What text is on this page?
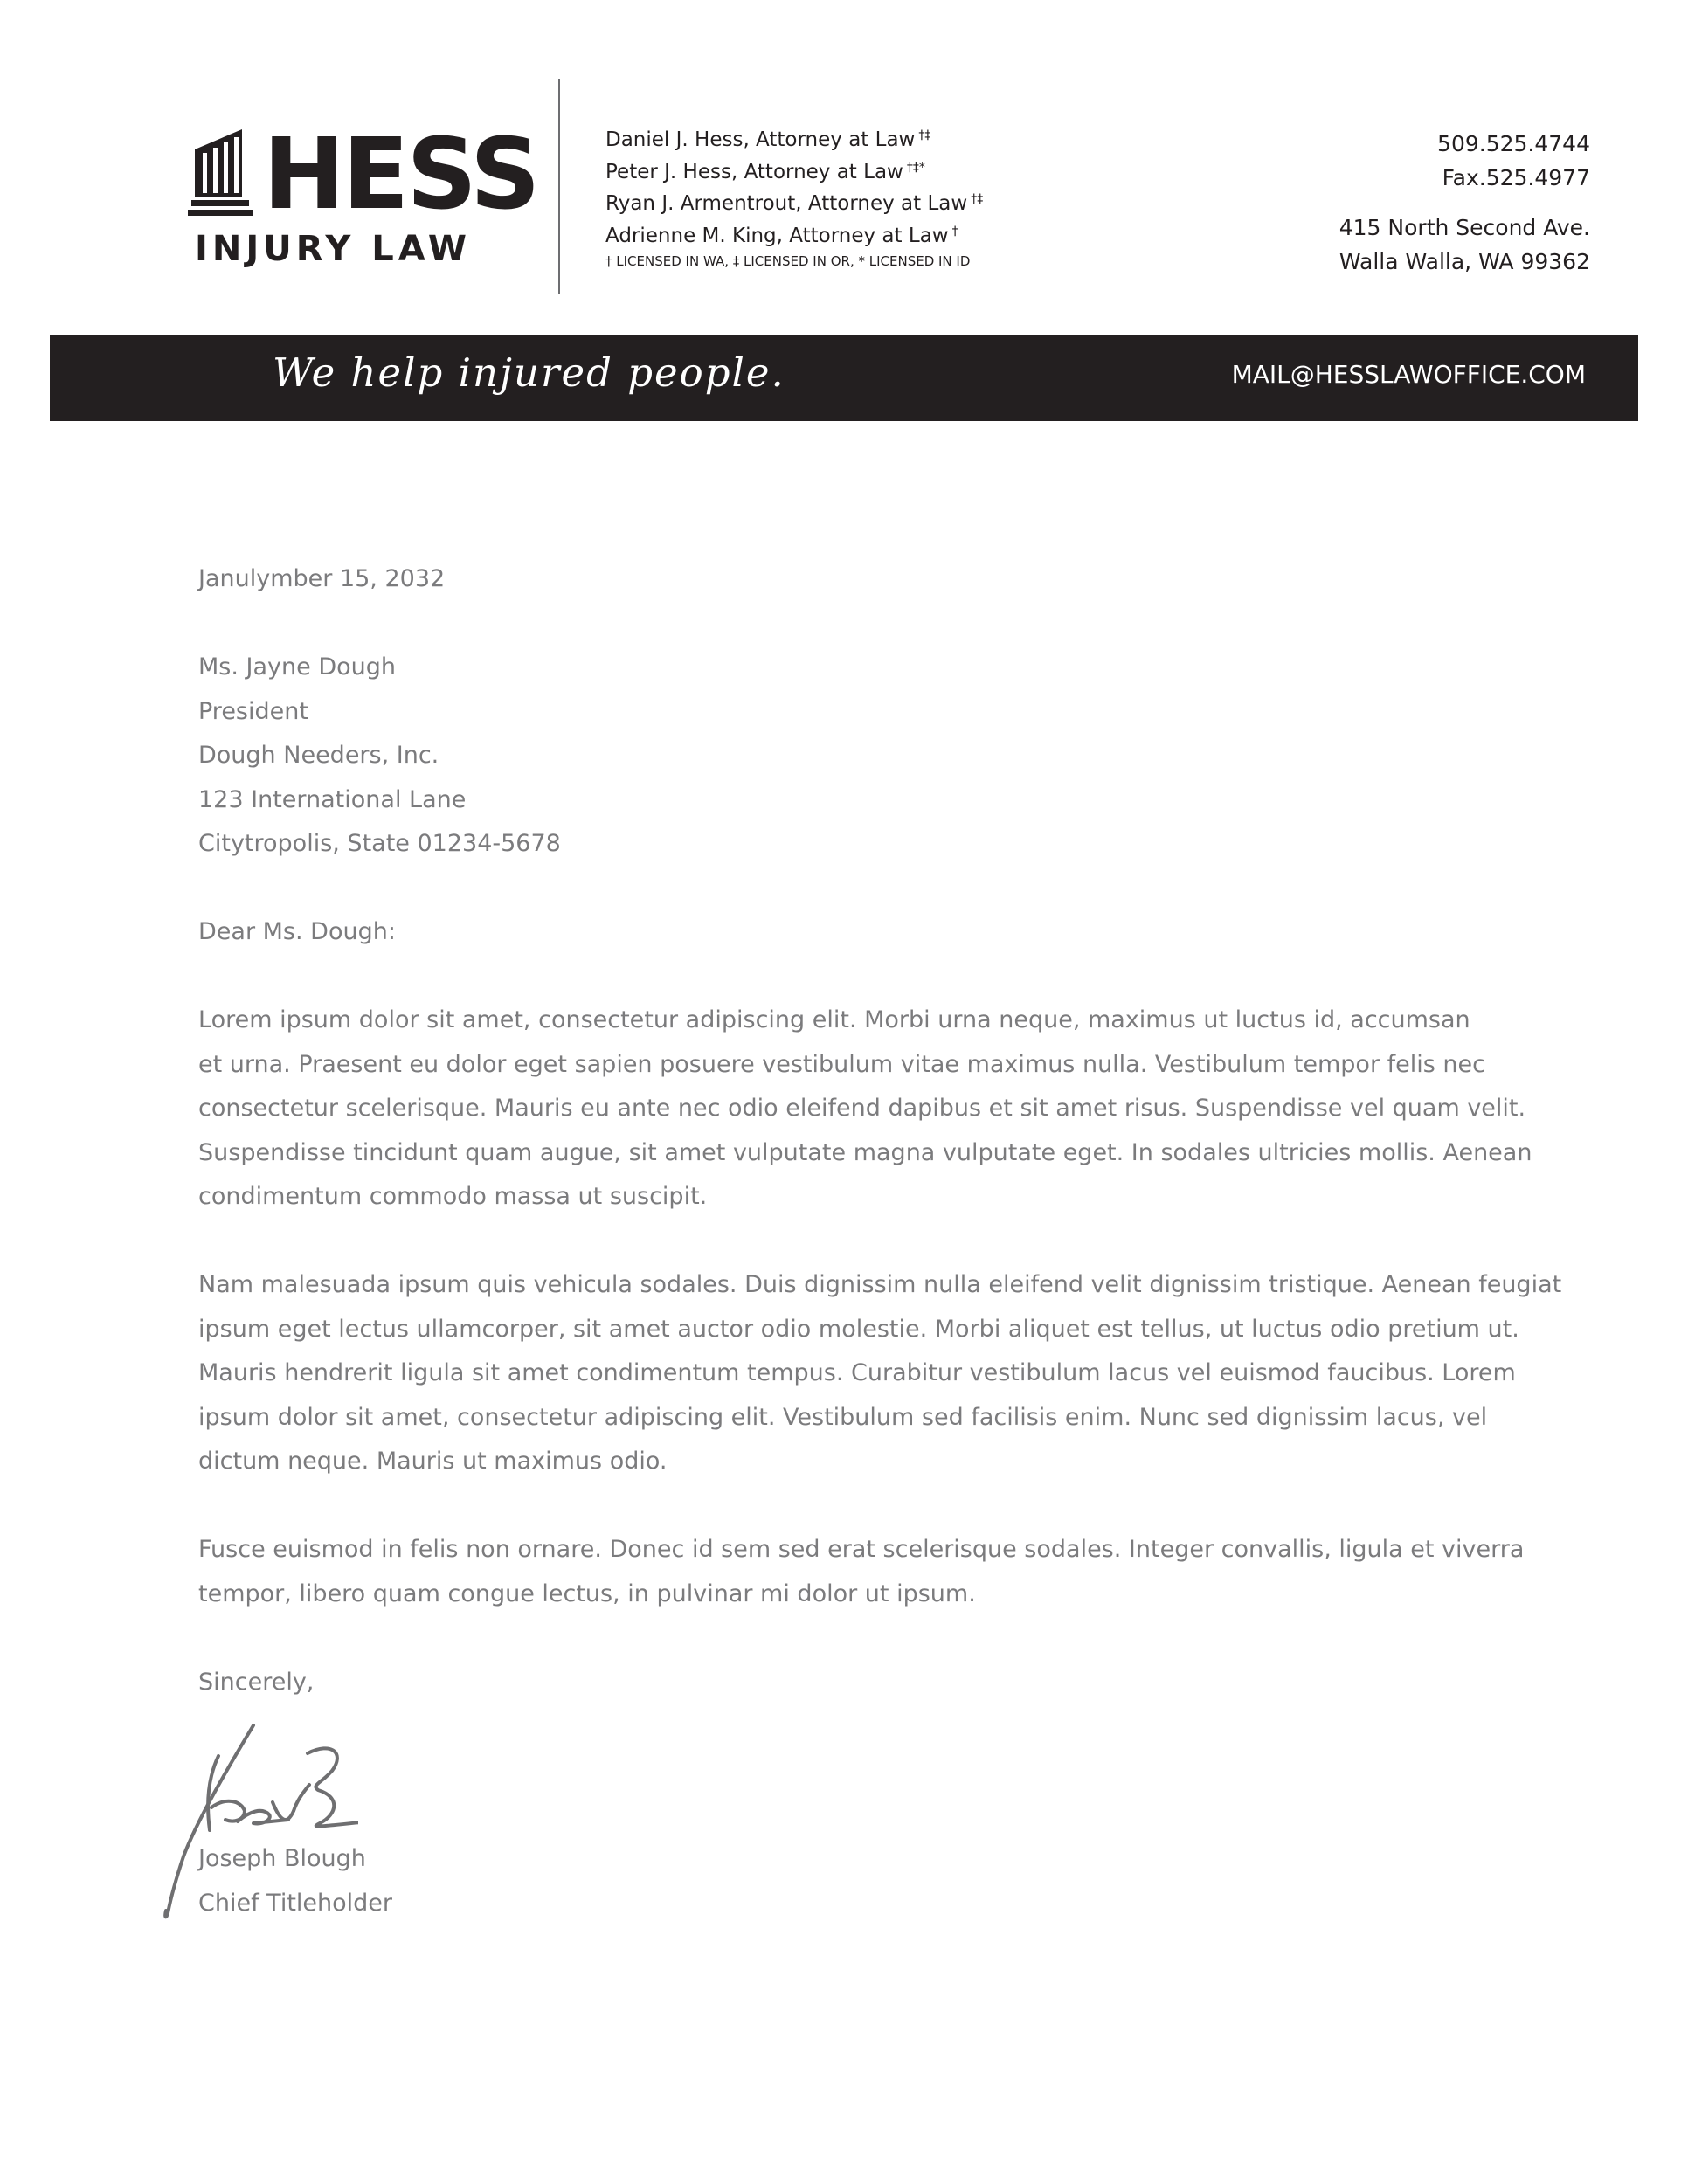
HESS
INJURY LAW
Daniel J. Hess, Attorney at Law †‡
Peter J. Hess, Attorney at Law †‡*
Ryan J. Armentrout, Attorney at Law †‡
Adrienne M. King, Attorney at Law †
† LICENSED IN WA, ‡ LICENSED IN OR, * LICENSED IN ID
509.525.4744
Fax.525.4977
415 North Second Ave.
Walla Walla, WA 99362
We help injured people.	MAIL@HESSLAWOFFICE.COM

Janulymber 15, 2032

Ms. Jayne Dough
President
Dough Needers, Inc.
123 International Lane
Citytropolis, State 01234-5678

Dear Ms. Dough:

Lorem ipsum dolor sit amet, consectetur adipiscing elit. Morbi urna neque, maximus ut luctus id, accumsan
et urna. Praesent eu dolor eget sapien posuere vestibulum vitae maximus nulla. Vestibulum tempor felis nec
consectetur scelerisque. Mauris eu ante nec odio eleifend dapibus et sit amet risus. Suspendisse vel quam velit.
Suspendisse tincidunt quam augue, sit amet vulputate magna vulputate eget. In sodales ultricies mollis. Aenean
condimentum commodo massa ut suscipit.
Nam malesuada ipsum quis vehicula sodales. Duis dignissim nulla eleifend velit dignissim tristique. Aenean feugiat
ipsum eget lectus ullamcorper, sit amet auctor odio molestie. Morbi aliquet est tellus, ut luctus odio pretium ut.
Mauris hendrerit ligula sit amet condimentum tempus. Curabitur vestibulum lacus vel euismod faucibus. Lorem
ipsum dolor sit amet, consectetur adipiscing elit. Vestibulum sed facilisis enim. Nunc sed dignissim lacus, vel
dictum neque. Mauris ut maximus odio.
Fusce euismod in felis non ornare. Donec id sem sed erat scelerisque sodales. Integer convallis, ligula et viverra
tempor, libero quam congue lectus, in pulvinar mi dolor ut ipsum.

Sincerely,

Joseph Blough
Chief Titleholder
